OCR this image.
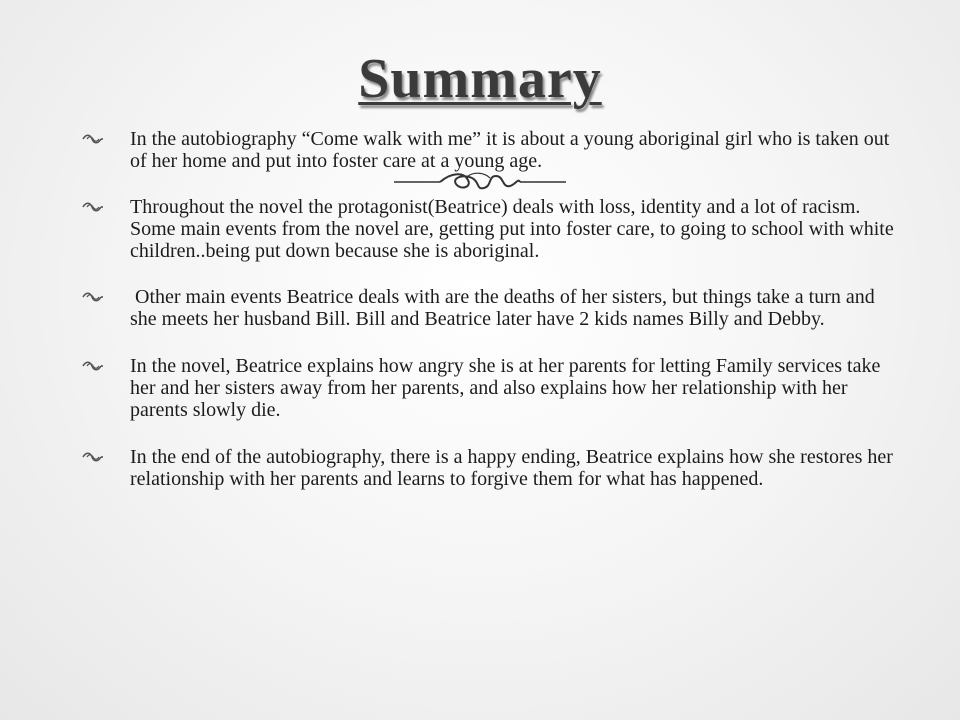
Summary
In the autobiography “Come walk with me” it is about a young aboriginal girl who is taken out of her home and put into foster care at a young age.
Throughout the novel the protagonist(Beatrice) deals with loss, identity and a lot of racism. Some main events from the novel are, getting put into foster care, to going to school with white children..being put down because she is aboriginal.
Other main events Beatrice deals with are the deaths of her sisters, but things take a turn and she meets her husband Bill. Bill and Beatrice later have 2 kids names Billy and Debby.
In the novel, Beatrice explains how angry she is at her parents for letting Family services take her and her sisters away from her parents, and also explains how her relationship with her parents slowly die.
In the end of the autobiography, there is a happy ending, Beatrice explains how she restores her relationship with her parents and learns to forgive them for what has happened.
